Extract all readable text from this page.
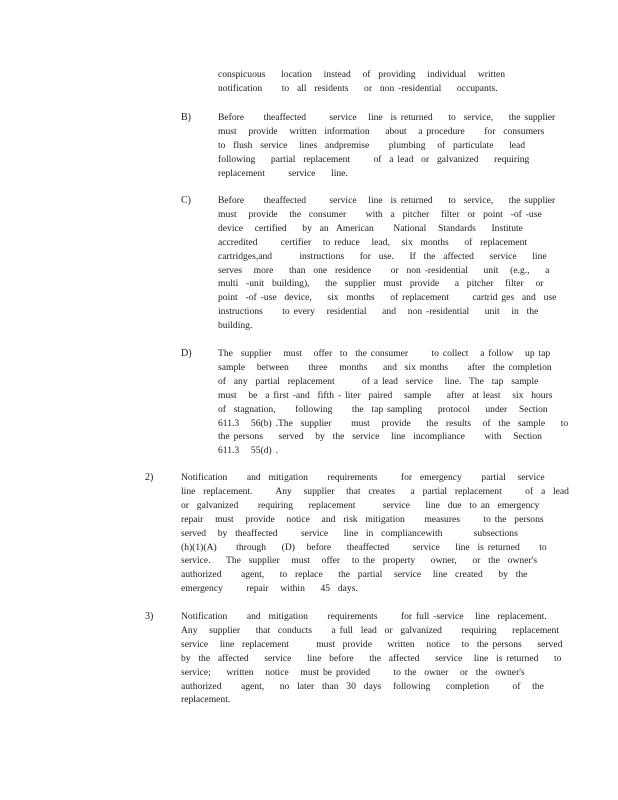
conspicuous    location   instead   of  providing   individual   written
notification     to  all  residents    or  non -residential    occupants.
B)	Before     theaffected      service   line  is returned    to  service,    the supplier
must   provide   written  information    about   a procedure     for  consumers
to  flush  service   lines  andpremise     plumbing   of  particulate    lead
following    partial  replacement      of  a lead  or  galvanized    requiring
replacement      service    line.
C)	Before     theaffected      service   line  is returned    to  service,    the supplier
must   provide   the  consumer     with  a  pitcher   filter  or  point  -of -use
device   certified    by  an  American     National   Standards    Institute
accredited      certifier   to reduce   lead,   six  months    of  replacement
cartridges,and       instructions    for  use.    If  the  affected    service    line
serves   more    than  one  residence     or  non -residential    unit   (e.g.,    a
multi  -unit  building),    the  supplier  must  provide    a  pitcher   filter   or
point  -of -use  device,    six  months    of replacement      cartrid ges  and  use
instructions     to every   residential    and   non -residential    unit   in  the
building.
D)	The  supplier   must   offer  to  the consumer      to collect   a follow   up tap
sample   between     three   months    and  six months     after  the completion
of  any  partial  replacement       of a lead  service   line.  The  tap  sample
must   be  a first -and  fifth - liter  paired   sample    after  at least   six  hours
of  stagnation,     following     the  tap sampling    protocol    under   Section
611.3   56(b) .The  supplier     must   provide    the  results   of  the  sample    to
the persons    served   by  the  service   line  incompliance     with   Section
611.3   55(d) .
2)	Notification     and  mitigation     requirements      for  emergency     partial   service
line  replacement.      Any   supplier   that  creates    a  partial  replacement      of  a  lead
or  galvanized     requiring    replacement       service    line  due  to an  emergency
repair   must   provide   notice   and  risk  mitigation     measures      to the  persons
served   by  theaffected      service    line  in  compliancewith        subsections
(h)(1)(A)     through    (D)   before    theaffected      service    line  is returned     to
service.    The  supplier   must   offer   to the  property    owner,    or  the  owner's
authorized     agent,    to  replace    the  partial   service   line  created    by  the
emergency      repair   within    45  days.
3)	Notification     and  mitigation     requirements      for full -service   line  replacement.
Any   supplier    that  conducts     a full  lead  or  galvanized     requiring    replacement
service   line  replacement       must  provide    written   notice   to  the persons    served
by  the  affected    service    line  before    the  affected    service   line  is returned    to
service;    written   notice   must be provided      to the  owner   or  the  owner's
authorized     agent,    no  later  than  30  days   following    completion      of   the
replacement.
